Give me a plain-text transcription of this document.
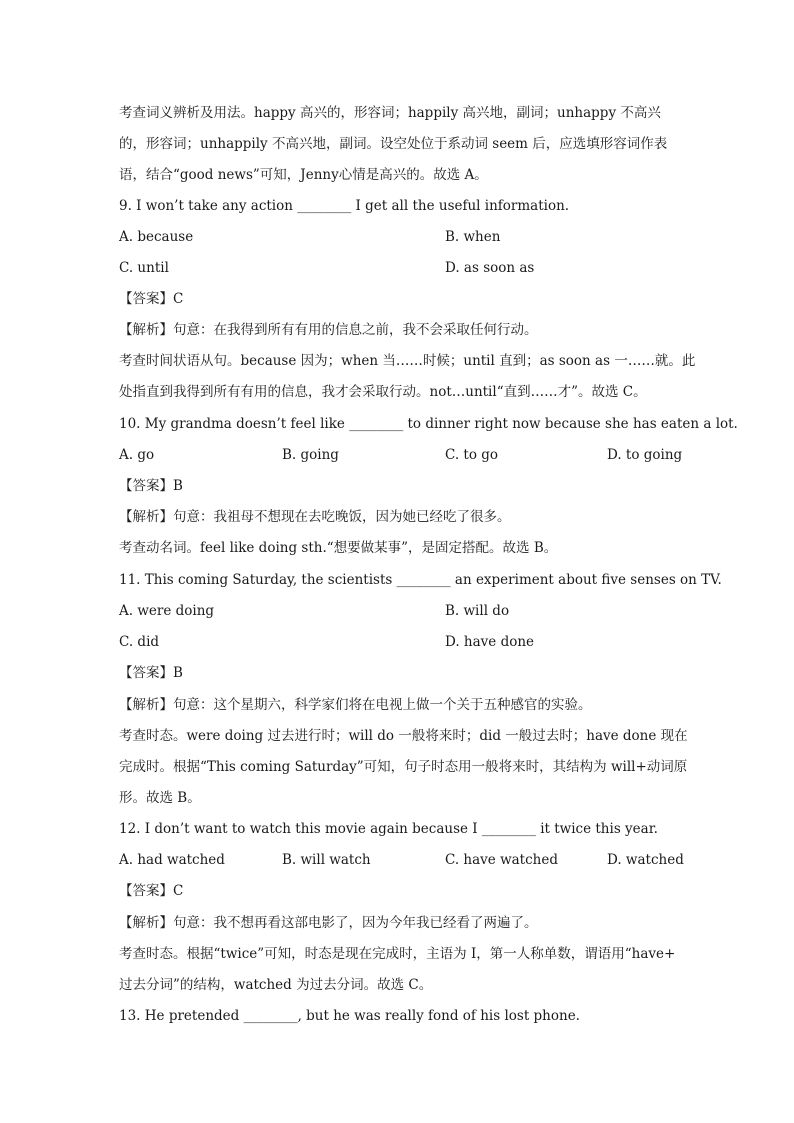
考查词义辨析及用法。happy 高兴的，形容词；happily 高兴地，副词；unhappy 不高兴
的，形容词；unhappily 不高兴地，副词。设空处位于系动词 seem 后，应选填形容词作表
语，结合“good news”可知，Jenny心情是高兴的。故选 A。
9. I won’t take any action ________ I get all the useful information.
A. because	B. when
C. until	D. as soon as
【答案】C
【解析】句意：在我得到所有有用的信息之前，我不会采取任何行动。
考查时间状语从句。because 因为；when 当……时候；until 直到；as soon as 一……就。此
处指直到我得到所有有用的信息，我才会采取行动。not…until“直到……才”。故选 C。
10. My grandma doesn’t feel like ________ to dinner right now because she has eaten a lot.
A. go	B. going	C. to go	D. to going
【答案】B
【解析】句意：我祖母不想现在去吃晚饭，因为她已经吃了很多。
考查动名词。feel like doing sth.“想要做某事”，是固定搭配。故选 B。
11. This coming Saturday, the scientists ________ an experiment about five senses on TV.
A. were doing	B. will do
C. did	D. have done
【答案】B
【解析】句意：这个星期六，科学家们将在电视上做一个关于五种感官的实验。
考查时态。were doing 过去进行时；will do 一般将来时；did 一般过去时；have done 现在
完成时。根据“This coming Saturday”可知，句子时态用一般将来时，其结构为 will+动词原
形。故选 B。
12. I don’t want to watch this movie again because I ________ it twice this year.
A. had watched	B. will watch	C. have watched	D. watched
【答案】C
【解析】句意：我不想再看这部电影了，因为今年我已经看了两遍了。
考查时态。根据“twice”可知，时态是现在完成时，主语为 I，第一人称单数，谓语用“have+
过去分词”的结构，watched 为过去分词。故选 C。
13. He pretended ________, but he was really fond of his lost phone.
